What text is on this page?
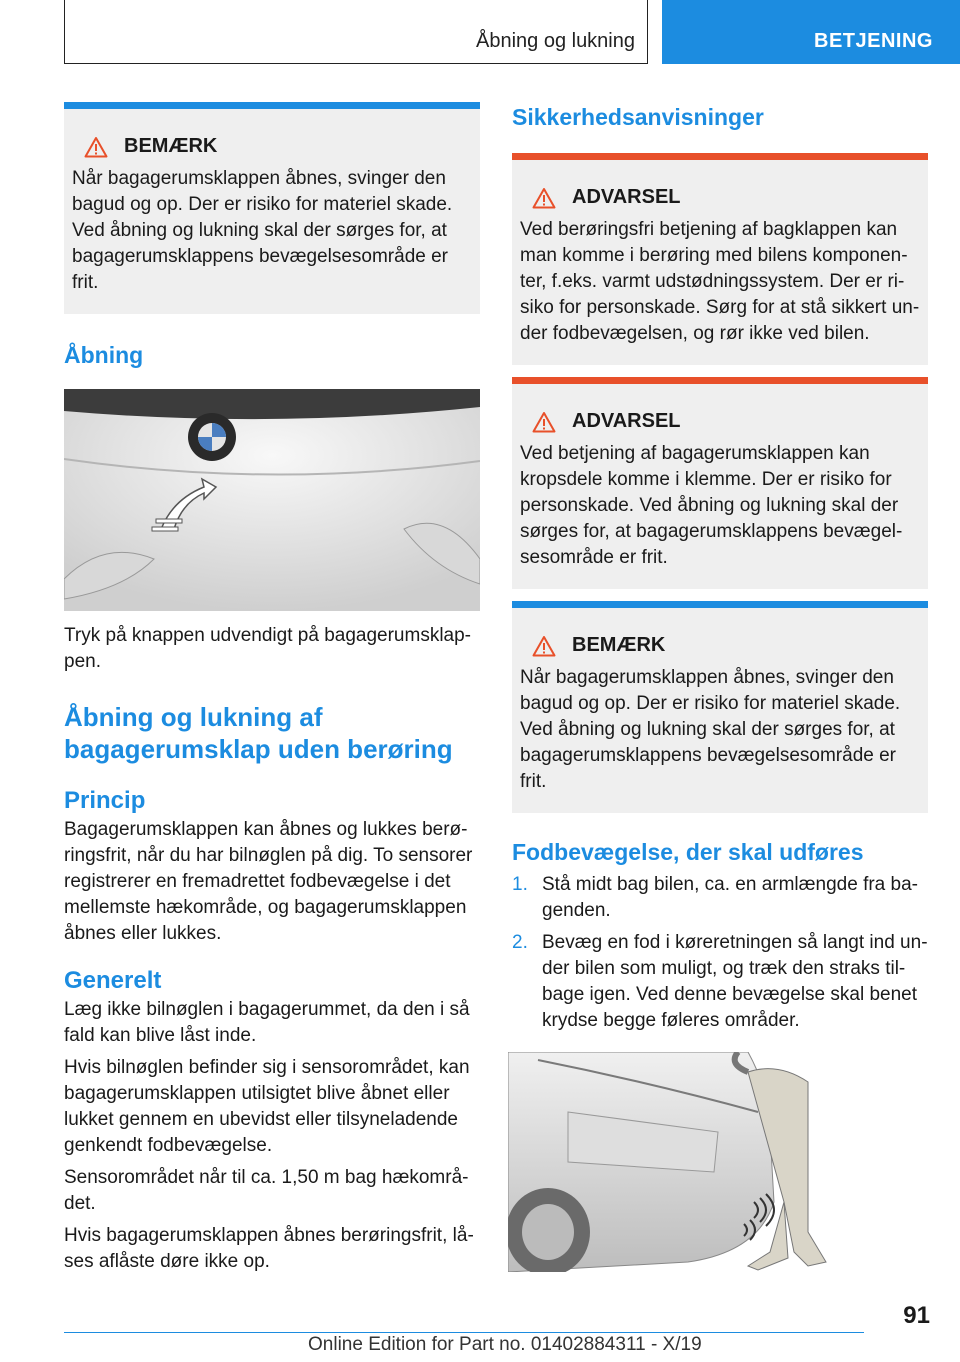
Åbning og lukning	BETJENING
BEMÆRK
Når bagagerumsklappen åbnes, svinger den bagud og op. Der er risiko for materiel skade. Ved åbning og lukning skal der sørges for, at bagagerumsklappens bevægelsesområde er frit.
Åbning

Tryk på knappen udvendigt på bagagerumsklappen.

Åbning og lukning af bagagerumsklap uden berøring
Princip

Bagagerumsklappen kan åbnes og lukkes berøringsfrit, når du har bilnøglen på dig. To sensorer registrerer en fremadrettet fodbevægelse i det mellemste hækområde, og bagagerumsklappen åbnes eller lukkes.

Generelt

Læg ikke bilnøglen i bagagerummet, da den i så fald kan blive låst inde.

Hvis bilnøglen befinder sig i sensorområdet, kan bagagerumsklappen utilsigtet blive åbnet eller lukket gennem en ubevidst eller tilsyneladende genkendt fodbevægelse.

Sensorområdet når til ca. 1,50 m bag hækområdet.

Hvis bagagerumsklappen åbnes berøringsfrit, låses aflåste døre ikke op.

Sikkerhedsanvisninger
ADVARSEL
Ved berøringsfri betjening af bagklappen kan man komme i berøring med bilens komponenter, f.eks. varmt udstødningssystem. Der er risiko for personskade. Sørg for at stå sikkert under fodbevægelsen, og rør ikke ved bilen.
ADVARSEL
Ved betjening af bagagerumsklappen kan kropsdele komme i klemme. Der er risiko for personskade. Ved åbning og lukning skal der sørges for, at bagagerumsklappens bevægelsesområde er frit.
BEMÆRK
Når bagagerumsklappen åbnes, svinger den bagud og op. Der er risiko for materiel skade. Ved åbning og lukning skal der sørges for, at bagagerumsklappens bevægelsesområde er frit.
Fodbevægelse, der skal udføres
1. Stå midt bag bilen, ca. en armlængde fra bagenden.
2. Bevæg en fod i køreretningen så langt ind under bilen som muligt, og træk den straks tilbage igen. Ved denne bevægelse skal benet krydse begge føleres områder.
91
Online Edition for Part no. 01402884311 - X/19
